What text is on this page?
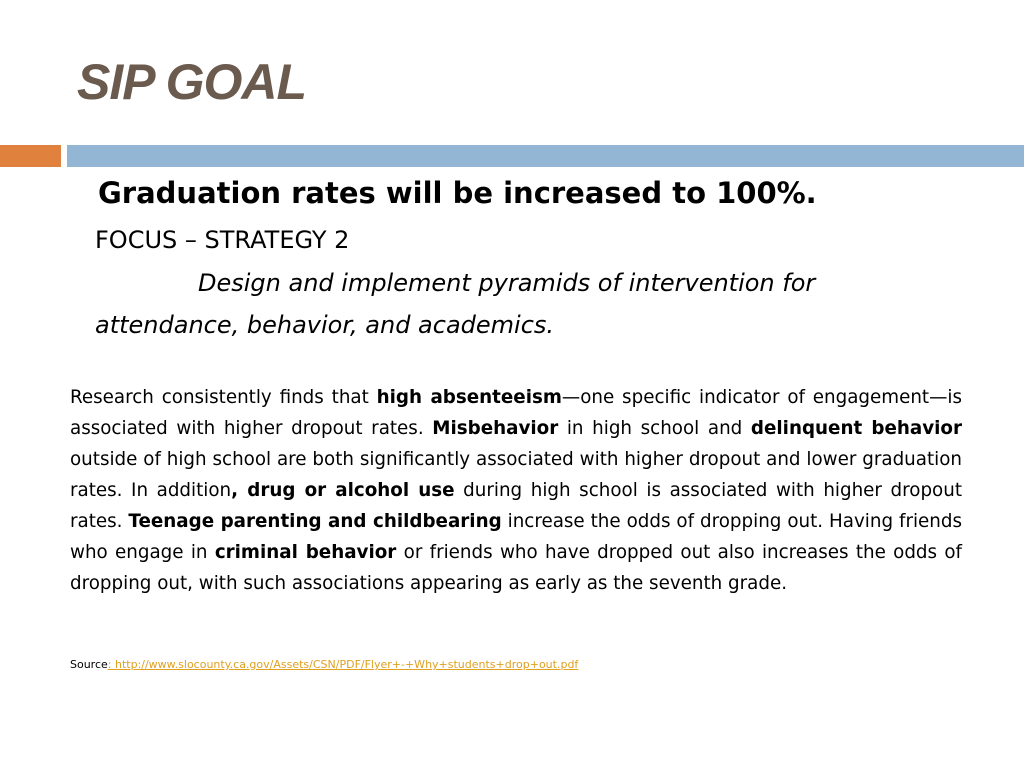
SIP GOAL

Graduation rates will be increased to 100%.

FOCUS – STRATEGY 2

Design and implement pyramids of intervention for
attendance, behavior, and academics.

Research consistently finds that high absenteeism—one specific indicator of engagement—is associated with higher dropout rates. Misbehavior in high school and delinquent behavior outside of high school are both significantly associated with higher dropout and lower graduation rates. In addition, drug or alcohol use during high school is associated with higher dropout rates. Teenage parenting and childbearing increase the odds of dropping out. Having friends who engage in criminal behavior or friends who have dropped out also increases the odds of dropping out, with such associations appearing as early as the seventh grade.

Source: http://www.slocounty.ca.gov/Assets/CSN/PDF/Flyer+-+Why+students+drop+out.pdf
